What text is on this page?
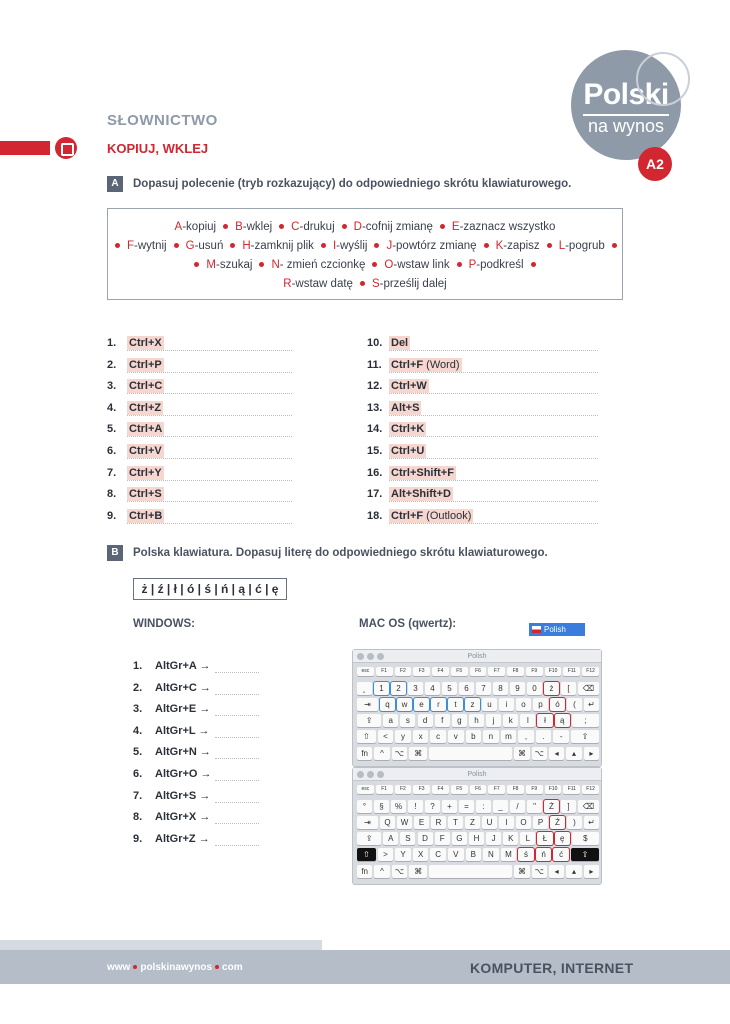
Polski
na wynos
A2
SŁOWNICTWO
KOPIUJ, WKLEJ
A	Dopasuj polecenie (tryb rozkazujący) do odpowiedniego skrótu klawiaturowego.
A-kopiuj B-wklej C-drukuj D-cofnij zmianę E-zaznacz wszystko
F-wytnij G-usuń H-zamknij plik I-wyślij J-powtórz zmianę K-zapisz L-pogrub
M-szukaj N- zmień czcionkę O-wstaw link P-podkreśl
R-wstaw datę S-prześlij dalej
1.	Ctrl+X
2.	Ctrl+P
3.	Ctrl+C
4.	Ctrl+Z
5.	Ctrl+A
6.	Ctrl+V
7.	Ctrl+Y
8.	Ctrl+S
9.	Ctrl+B
10. Del
11. Ctrl+F (Word)
12. Ctrl+W
13. Alt+S
14. Ctrl+K
15. Ctrl+U
16. Ctrl+Shift+F
17. Alt+Shift+D
18. Ctrl+F (Outlook)
B	Polska klawiatura. Dopasuj literę do odpowiedniego skrótu klawiaturowego.
ż | ź | ł | ó | ś | ń | ą | ć | ę
WINDOWS:	MAC OS (qwertz):	Polish
1.	AltGr+A →
2.	AltGr+C →
3.	AltGr+E →
4.	AltGr+L →
5.	AltGr+N →
6.	AltGr+O →
7.	AltGr+S →
8.	AltGr+X →
9.	AltGr+Z →
Polish
esc	F1	F2	F3	F4	F5	F6	F7	F8	F9	F10	F11	F12
˛	1	2	3	4	5	6	7	8	9	0	ż	[	⌫
⇥	q	w	e	r	t	z	u	i	o	p	ó	(	↵
⇪	a	s	d	f	g	h	j	k	l	ł	ą	;
⇧	<	y	x	c	v	b	n	m	,	.	-	⇧
fn	^	⌥	⌘	⌘	⌥	◂	▴	▸
Polish
esc	F1	F2	F3	F4	F5	F6	F7	F8	F9	F10	F11	F12
°	§	%	!	?	+	=	:	_	/	"	Ż	]	⌫
⇥	Q	W	E	R	T	Z	U	I	O	P	Ź	)	↵
⇪	A	S	D	F	G	H	J	K	L	Ł	ę	$
⇧	>	Y	X	C	V	B	N	M	ś	ń	ć	⇧
fn	^	⌥	⌘	⌘	⌥	◂	▴	▸
www polskinawynos com	KOMPUTER, INTERNET
